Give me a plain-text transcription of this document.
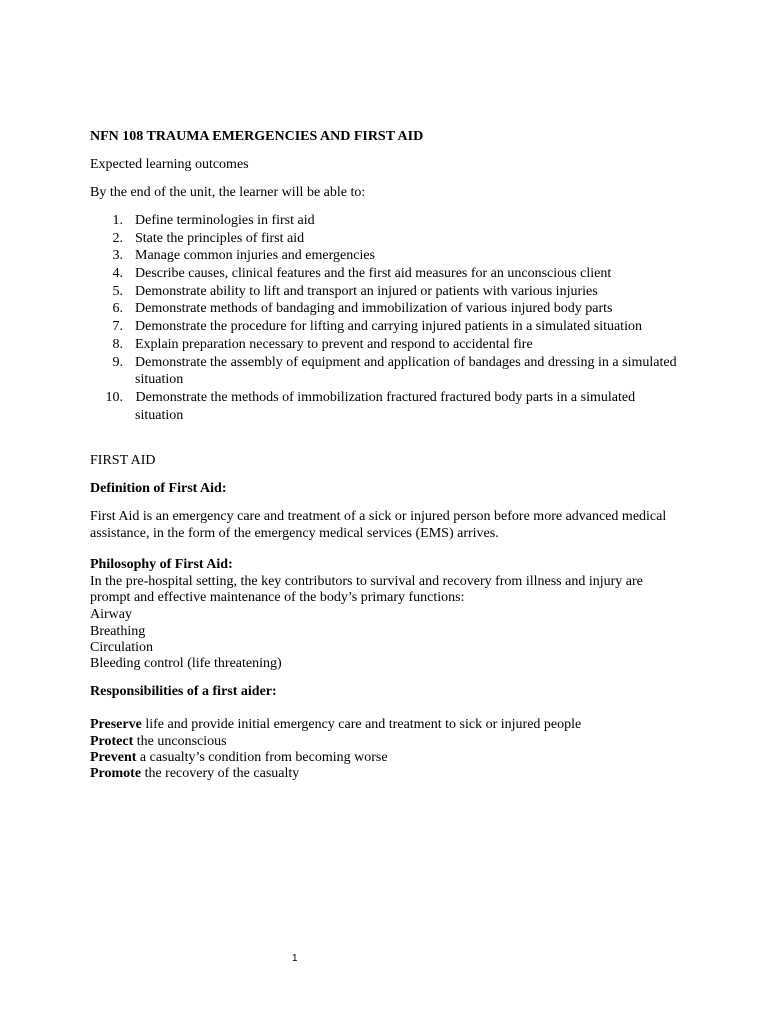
NFN 108 TRAUMA EMERGENCIES AND FIRST AID
Expected learning outcomes
By the end of the unit, the learner will be able to:
1. Define terminologies in first aid
2. State the principles of first aid
3. Manage common injuries and emergencies
4. Describe causes, clinical features and the first aid measures for an unconscious client
5. Demonstrate ability to lift and transport an injured or patients with various injuries
6. Demonstrate methods of bandaging and immobilization of various injured body parts
7. Demonstrate the procedure for lifting and carrying injured patients in a simulated situation
8. Explain preparation necessary to prevent and respond to accidental fire
9. Demonstrate the assembly of equipment and application of bandages and dressing in a simulated
situation
10. Demonstrate the methods of immobilization fractured fractured body parts in a simulated
situation
FIRST AID
Definition of First Aid:
First Aid is an emergency care and treatment of a sick or injured person before more advanced medical
assistance, in the form of the emergency medical services (EMS) arrives.
Philosophy of First Aid:
In the pre-hospital setting, the key contributors to survival and recovery from illness and injury are
prompt and effective maintenance of the body’s primary functions:
Airway
Breathing
Circulation
Bleeding control (life threatening)
Responsibilities of a first aider:
Preserve life and provide initial emergency care and treatment to sick or injured people
Protect the unconscious
Prevent a casualty’s condition from becoming worse
Promote the recovery of the casualty
1
